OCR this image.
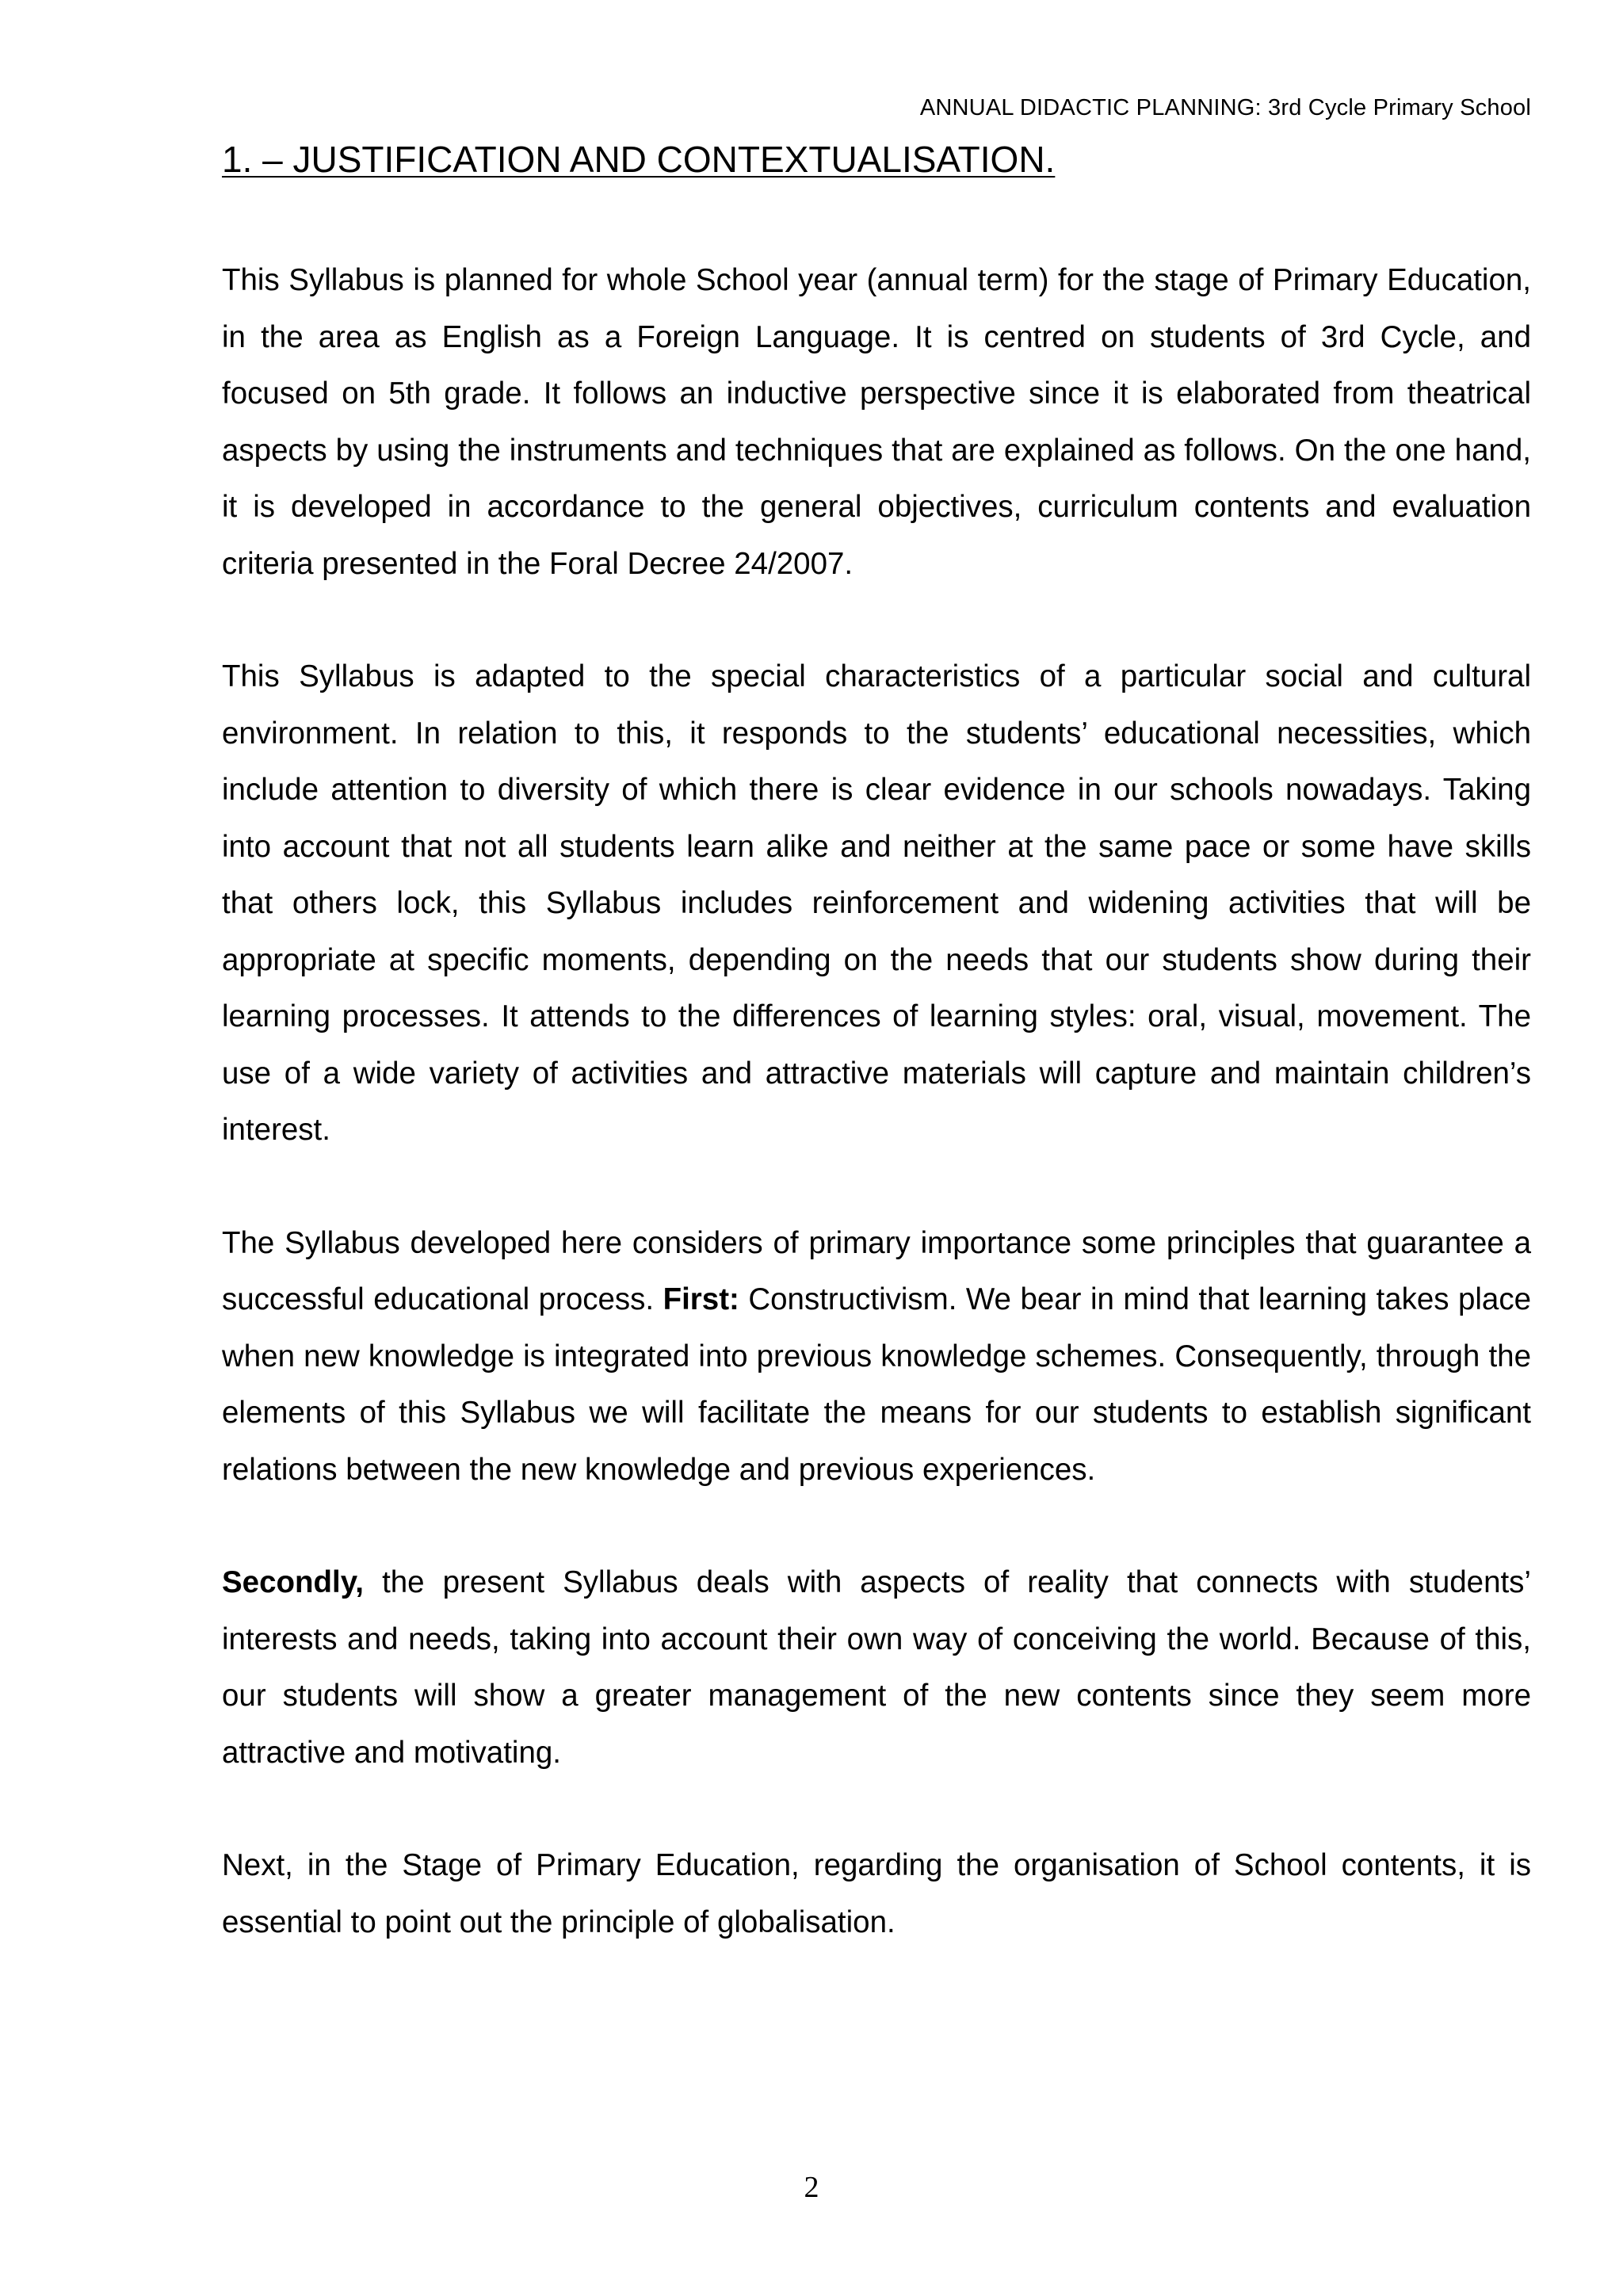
ANNUAL DIDACTIC PLANNING: 3rd Cycle Primary School
1. – JUSTIFICATION AND CONTEXTUALISATION.

This Syllabus is planned for whole School year (annual term) for the stage of Primary Education, in the area as English as a Foreign Language. It is centred on students of 3rd Cycle, and focused on 5th grade. It follows an inductive perspective since it is elaborated from theatrical aspects by using the instruments and techniques that are explained as follows. On the one hand, it is developed in accordance to the general objectives, curriculum contents and evaluation criteria presented in the Foral Decree 24/2007.

This Syllabus is adapted to the special characteristics of a particular social and cultural environment. In relation to this, it responds to the students’ educational necessities, which include attention to diversity of which there is clear evidence in our schools nowadays. Taking into account that not all students learn alike and neither at the same pace or some have skills that others lock, this Syllabus includes reinforcement and widening activities that will be appropriate at specific moments, depending on the needs that our students show during their learning processes. It attends to the differences of learning styles: oral, visual, movement. The use of a wide variety of activities and attractive materials will capture and maintain children’s interest.

The Syllabus developed here considers of primary importance some principles that guarantee a successful educational process. First: Constructivism. We bear in mind that learning takes place when new knowledge is integrated into previous knowledge schemes. Consequently, through the elements of this Syllabus we will facilitate the means for our students to establish significant relations between the new knowledge and previous experiences.

Secondly, the present Syllabus deals with aspects of reality that connects with students’ interests and needs, taking into account their own way of conceiving the world. Because of this, our students will show a greater management of the new contents since they seem more attractive and motivating.

Next, in the Stage of Primary Education, regarding the organisation of School contents, it is essential to point out the principle of globalisation.

2
